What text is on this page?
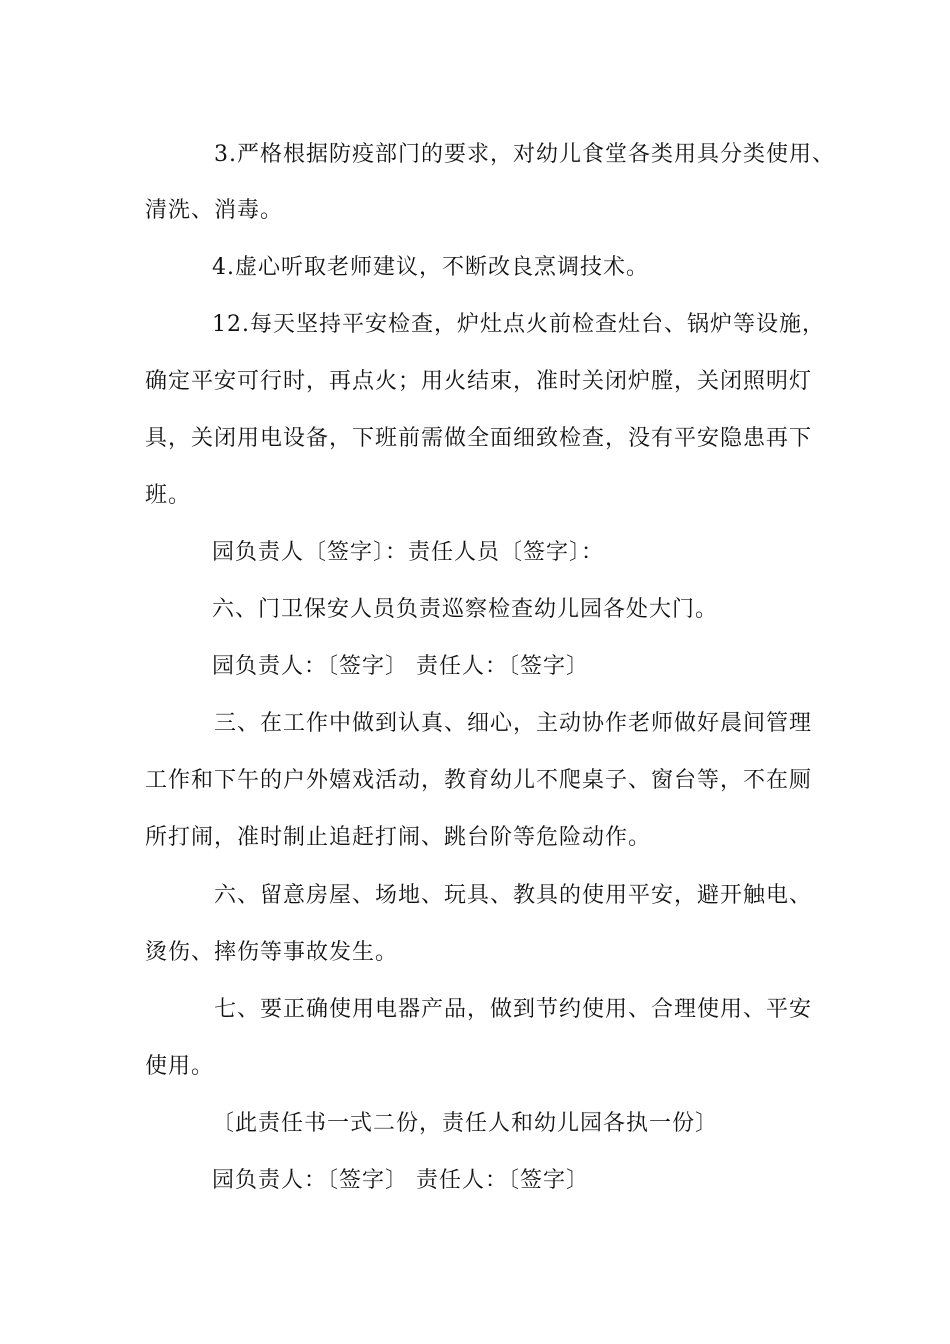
3.严格根据防疫部门的要求，对幼儿食堂各类用具分类使用、
清洗、消毒。
4.虚心听取老师建议，不断改良烹调技术。
12.每天坚持平安检查，炉灶点火前检查灶台、锅炉等设施，
确定平安可行时，再点火；用火结束，准时关闭炉膛，关闭照明灯
具，关闭用电设备，下班前需做全面细致检查，没有平安隐患再下
班。
园负责人〔签字〕：责任人员〔签字〕：
六、门卫保安人员负责巡察检查幼儿园各处大门。
园负责人：〔签字〕 责任人：〔签字〕
三、在工作中做到认真、细心，主动协作老师做好晨间管理
工作和下午的户外嬉戏活动，教育幼儿不爬桌子、窗台等，不在厕
所打闹，准时制止追赶打闹、跳台阶等危险动作。
六、留意房屋、场地、玩具、教具的使用平安，避开触电、
烫伤、摔伤等事故发生。
七、要正确使用电器产品，做到节约使用、合理使用、平安
使用。
〔此责任书一式二份，责任人和幼儿园各执一份〕
园负责人：〔签字〕 责任人：〔签字〕
